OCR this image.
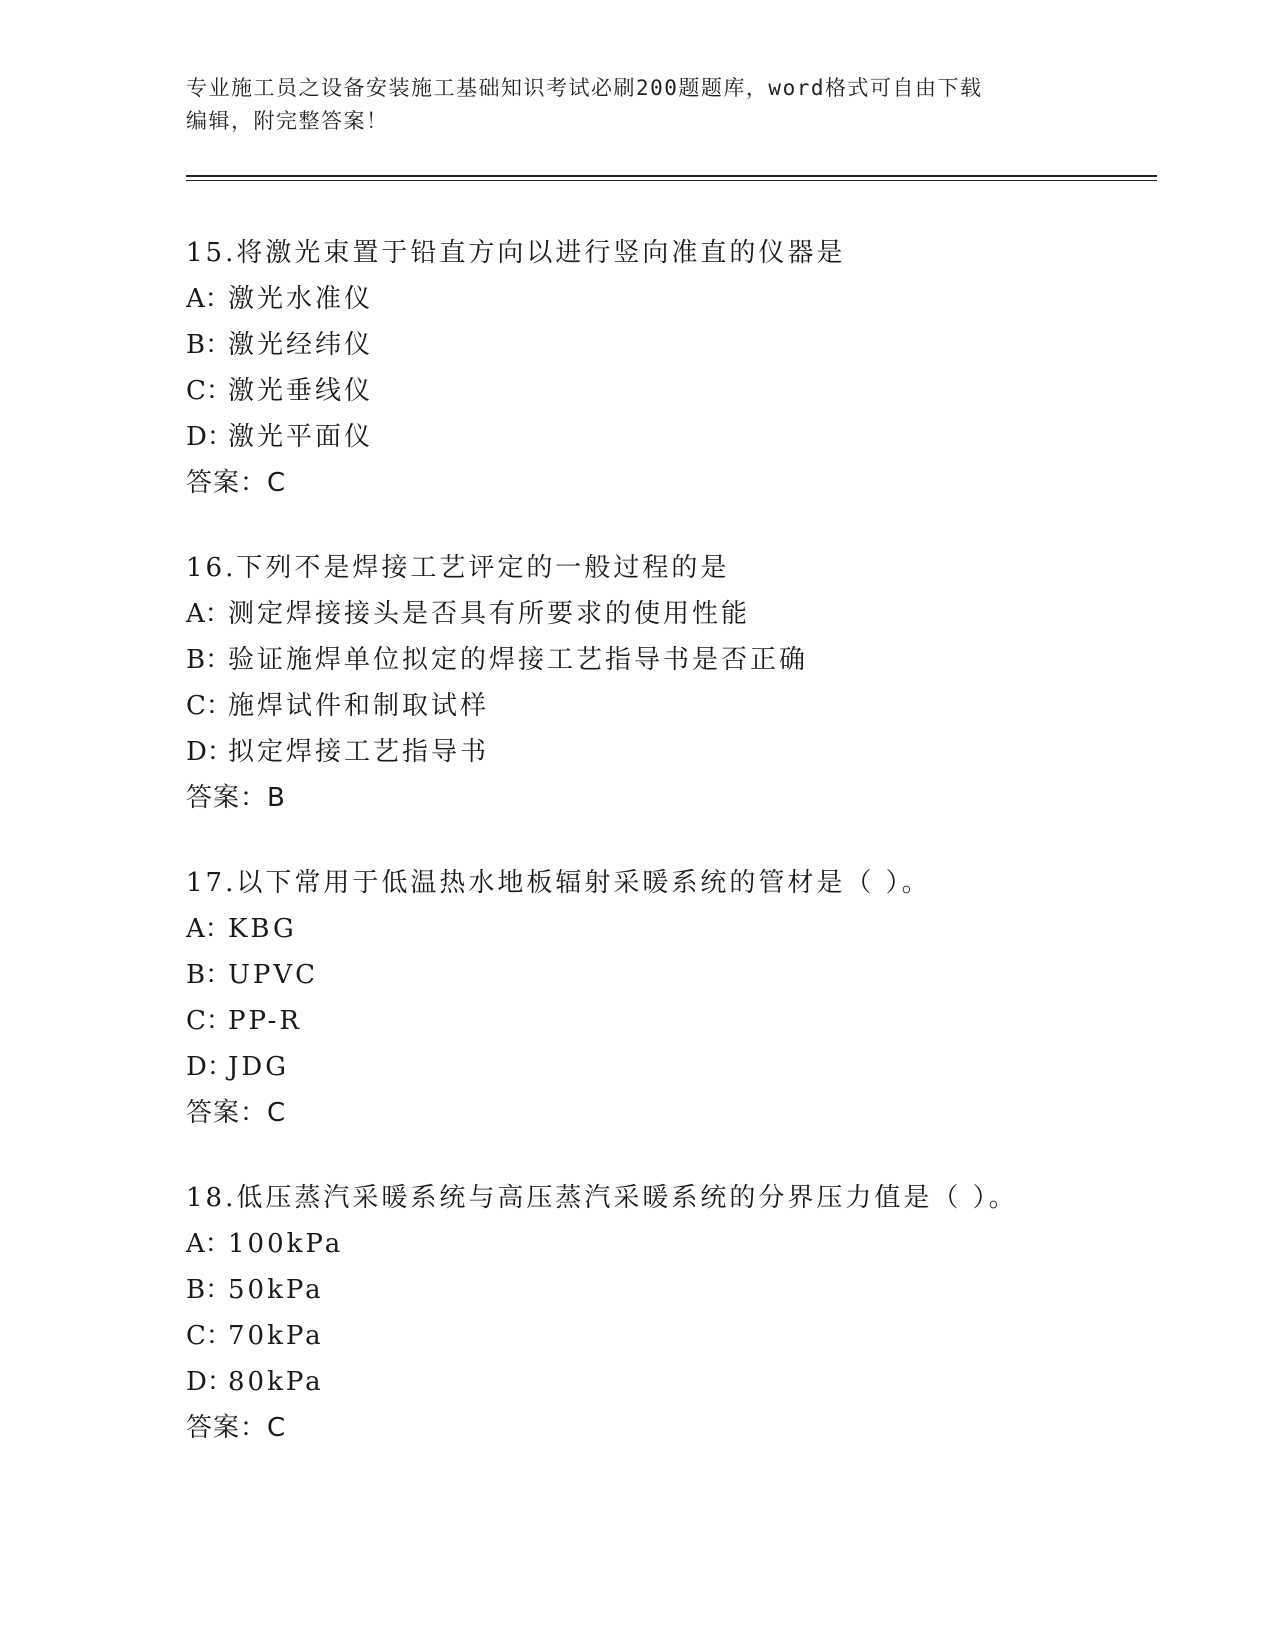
专业施工员之设备安装施工基础知识考试必刷200题题库，word格式可自由下载
编辑，附完整答案！
15.将激光束置于铅直方向以进行竖向准直的仪器是
A：激光水准仪
B：激光经纬仪
C：激光垂线仪
D：激光平面仪
答案：C
16.下列不是焊接工艺评定的一般过程的是
A：测定焊接接头是否具有所要求的使用性能
B：验证施焊单位拟定的焊接工艺指导书是否正确
C：施焊试件和制取试样
D：拟定焊接工艺指导书
答案：B
17.以下常用于低温热水地板辐射采暖系统的管材是（ ）。
A：KBG
B：UPVC
C：PP-R
D：JDG
答案：C
18.低压蒸汽采暖系统与高压蒸汽采暖系统的分界压力值是（ ）。
A：100kPa
B：50kPa
C：70kPa
D：80kPa
答案：C
